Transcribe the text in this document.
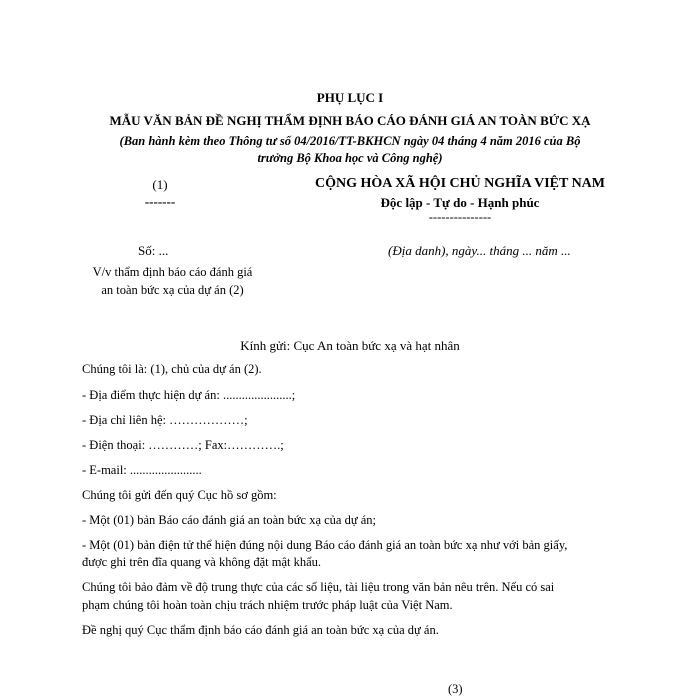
PHỤ LỤC I
MẪU VĂN BẢN ĐỀ NGHỊ THẨM ĐỊNH BÁO CÁO ĐÁNH GIÁ AN TOÀN BỨC XẠ
(Ban hành kèm theo Thông tư số 04/2016/TT-BKHCN ngày 04 tháng 4 năm 2016 của Bộ
trưởng Bộ Khoa học và Công nghệ)
(1)
-------
CỘNG HÒA XÃ HỘI CHỦ NGHĨA VIỆT NAM
Độc lập - Tự do - Hạnh phúc
---------------
Số: ...	(Địa danh), ngày... tháng ... năm ...
V/v thẩm định báo cáo đánh giá
an toàn bức xạ của dự án (2)
Kính gửi: Cục An toàn bức xạ và hạt nhân
Chúng tôi là: (1), chủ của dự án (2).
- Địa điểm thực hiện dự án: ......................;
- Địa chỉ liên hệ: ………………;
- Điện thoại: …………; Fax:………….;
- E-mail: .......................
Chúng tôi gửi đến quý Cục hồ sơ gồm:
- Một (01) bản Báo cáo đánh giá an toàn bức xạ của dự án;
- Một (01) bản điện tử thể hiện đúng nội dung Báo cáo đánh giá an toàn bức xạ như với bản giấy,
được ghi trên đĩa quang và không đặt mật khẩu.
Chúng tôi bảo đảm về độ trung thực của các số liệu, tài liệu trong văn bản nêu trên. Nếu có sai
phạm chúng tôi hoàn toàn chịu trách nhiệm trước pháp luật của Việt Nam.
Đề nghị quý Cục thẩm định báo cáo đánh giá an toàn bức xạ của dự án.
(3)
